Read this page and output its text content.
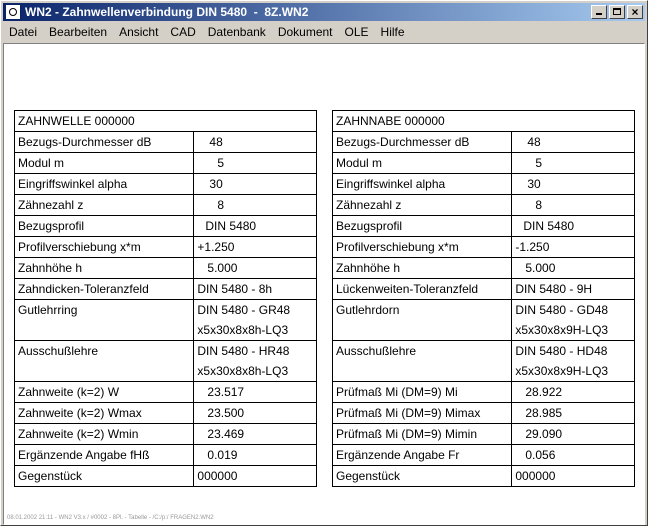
WN2 - Zahnwellenverbindung DIN 5480  -  8Z.WN2	×
Datei	Bearbeiten	Ansicht	CAD	Datenbank	Dokument	OLE	Hilfe
ZAHNWELLE 000000	
Bezugs-Durchmesser dB	48
Modul m	5
Eingriffswinkel alpha	30
Zähnezahl z	8
Bezugsprofil	DIN 5480
Profilverschiebung x*m	+1.250
Zahnhöhe h	5.000
Zahndicken-Toleranzfeld	DIN 5480 - 8h
Gutlehrring	DIN 5480 - GR48
x5x30x8x8h-LQ3

Ausschußlehre	DIN 5480 - HR48
x5x30x8x8h-LQ3

Zahnweite (k=2) W	23.517
Zahnweite (k=2) Wmax	23.500
Zahnweite (k=2) Wmin	23.469
Ergänzende Angabe fHß	0.019
Gegenstück	000000
ZAHNNABE 000000	
Bezugs-Durchmesser dB	48
Modul m	5
Eingriffswinkel alpha	30
Zähnezahl z	8
Bezugsprofil	DIN 5480
Profilverschiebung x*m	-1.250
Zahnhöhe h	5.000
Lückenweiten-Toleranzfeld	DIN 5480 - 9H
Gutlehrdorn	DIN 5480 - GD48
x5x30x8x9H-LQ3

Ausschußlehre	DIN 5480 - HD48
x5x30x8x9H-LQ3

Prüfmaß Mi (DM=9) Mi	28.922
Prüfmaß Mi (DM=9) Mimax	28.985
Prüfmaß Mi (DM=9) Mimin	29.090
Ergänzende Angabe Fr	0.056
Gegenstück	000000
08.01.2002 21:11 - WN2 V3.x / #0002 - 8Pl. - Tabelle - /C:/p:/ FRAGEN2.WN2
